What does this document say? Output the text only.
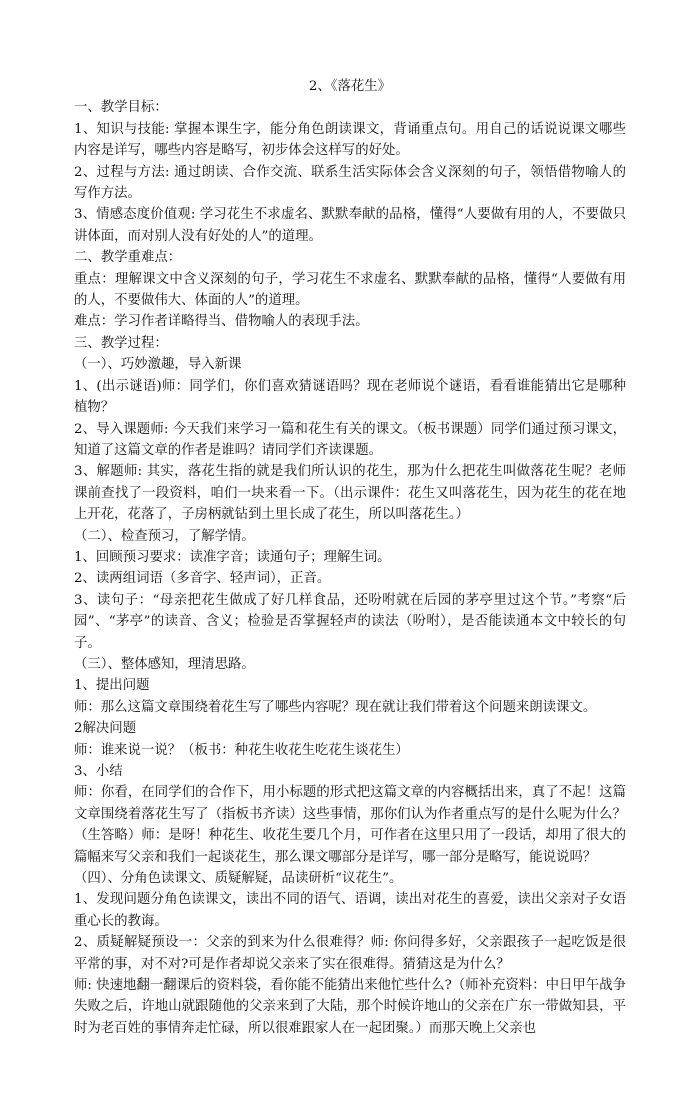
2、《落花生》

一、教学目标：

1、知识与技能: 掌握本课生字，能分角色朗读课文，背诵重点句。用自己的话说说课文哪些内容是详写，哪些内容是略写，初步体会这样写的好处。

2、过程与方法: 通过朗读、合作交流、联系生活实际体会含义深刻的句子，领悟借物喻人的写作方法。

3、情感态度价值观: 学习花生不求虚名、默默奉献的品格，懂得“人要做有用的人，不要做只讲体面，而对别人没有好处的人”的道理。

二、教学重难点：

重点：理解课文中含义深刻的句子，学习花生不求虚名、默默奉献的品格，懂得“人要做有用的人，不要做伟大、体面的人”的道理。

难点：学习作者详略得当、借物喻人的表现手法。

三、教学过程：

（一）、巧妙激趣，导入新课

1、(出示谜语)师：同学们，你们喜欢猜谜语吗？现在老师说个谜语，看看谁能猜出它是哪种植物？

2、导入课题师: 今天我们来学习一篇和花生有关的课文。（板书课题）同学们通过预习课文，知道了这篇文章的作者是谁吗？请同学们齐读课题。

3、解题师: 其实，落花生指的就是我们所认识的花生，那为什么把花生叫做落花生呢？老师课前查找了一段资料，咱们一块来看一下。（出示课件：花生又叫落花生，因为花生的花在地上开花，花落了，子房柄就钻到土里长成了花生，所以叫落花生。）

（二）、检查预习，了解学情。

1、回顾预习要求：读准字音；读通句子；理解生词。

2、读两组词语（多音字、轻声词），正音。

3、读句子：“母亲把花生做成了好几样食品，还吩咐就在后园的茅亭里过这个节。”考察“后园”、“茅亭”的读音、含义；检验是否掌握轻声的读法（吩咐），是否能读通本文中较长的句子。

（三）、整体感知，理清思路。

1、提出问题

师：那么这篇文章围绕着花生写了哪些内容呢？现在就让我们带着这个问题来朗读课文。

2解决问题

师：谁来说一说？（板书：种花生收花生吃花生谈花生）

3、小结

师：你看，在同学们的合作下，用小标题的形式把这篇文章的内容概括出来，真了不起！这篇文章围绕着落花生写了（指板书齐读）这些事情，那你们认为作者重点写的是什么呢为什么？（生答略）师：是呀！种花生、收花生要几个月，可作者在这里只用了一段话，却用了很大的篇幅来写父亲和我们一起谈花生，那么课文哪部分是详写，哪一部分是略写，能说说吗？

（四）、分角色读课文、质疑解疑，品读研析“议花生”。

1、发现问题分角色读课文，读出不同的语气、语调，读出对花生的喜爱，读出父亲对子女语重心长的教诲。

2、质疑解疑预设一：父亲的到来为什么很难得？师: 你问得多好，父亲跟孩子一起吃饭是很平常的事，对不对?可是作者却说父亲来了实在很难得。猜猜这是为什么？

师: 快速地翻一翻课后的资料袋，看你能不能猜出来他忙些什么?（师补充资料：中日甲午战争失败之后，许地山就跟随他的父亲来到了大陆，那个时候许地山的父亲在广东一带做知县，平时为老百姓的事情奔走忙碌，所以很难跟家人在一起团聚。）而那天晚上父亲也
